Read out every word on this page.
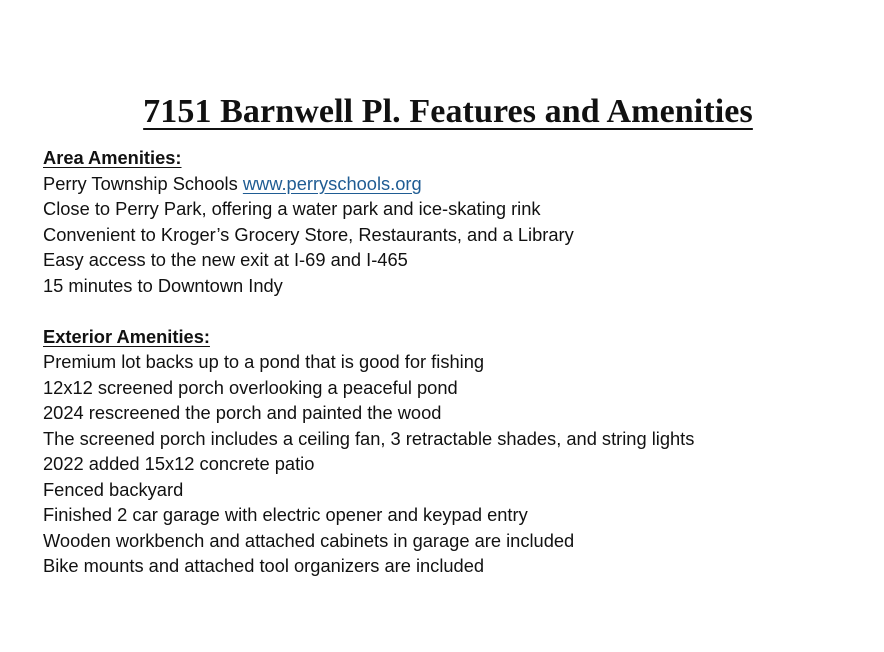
7151 Barnwell Pl. Features and Amenities
Area Amenities:
Perry Township Schools www.perryschools.org
Close to Perry Park, offering a water park and ice-skating rink
Convenient to Kroger’s Grocery Store, Restaurants, and a Library
Easy access to the new exit at I-69 and I-465
15 minutes to Downtown Indy
Exterior Amenities:
Premium lot backs up to a pond that is good for fishing
12x12 screened porch overlooking a peaceful pond
2024 rescreened the porch and painted the wood
The screened porch includes a ceiling fan, 3 retractable shades, and string lights
2022 added 15x12 concrete patio
Fenced backyard
Finished 2 car garage with electric opener and keypad entry
Wooden workbench and attached cabinets in garage are included
Bike mounts and attached tool organizers are included
